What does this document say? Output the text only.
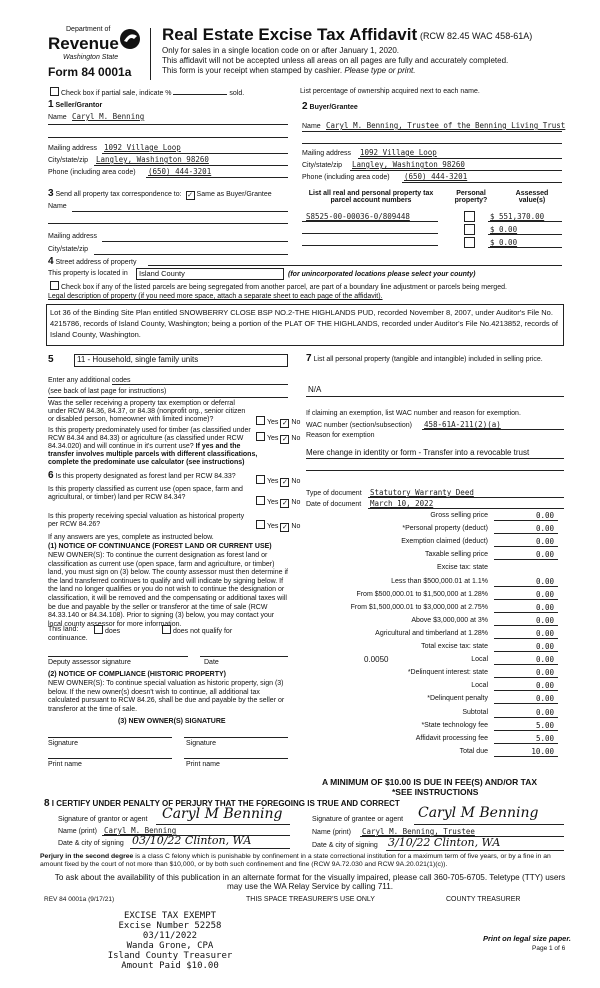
Department of
Revenue
Washington State
Form 84 0001a
Real Estate Excise Tax Affidavit (RCW 82.45 WAC 458-61A)
Only for sales in a single location code on or after January 1, 2020.
This affidavit will not be accepted unless all areas on all pages are fully and accurately completed.
This form is your receipt when stamped by cashier. Please type or print.
Check box if partial sale, indicate %	sold.	List percentage of ownership acquired next to each name.
1 Seller/Grantor
Name Caryl M. Benning
Mailing address 1092 Village Loop
City/state/zip Langley, Washington 98260
Phone (including area code) (650) 444-3201
2 Buyer/Grantee
Name Caryl M. Benning, Trustee of the Benning Living Trust
Mailing address 1092 Village Loop
City/state/zip Langley, Washington 98260
Phone (including area code) (650) 444-3201
3 Send all property tax correspondence to: ✓ Same as Buyer/Grantee
Name
Mailing address
City/state/zip
List all real and personal property tax
parcel account numbers
Personal
property?
Assessed
value(s)
S8525-00-00036-0/809448	$ 551,370.00
$ 0.00
$ 0.00
4 Street address of property
This property is located in	Island County	(for unincorporated locations please select your county)
Check box if any of the listed parcels are being segregated from another parcel, are part of a boundary line adjustment or parcels being merged.
Legal description of property (if you need more space, attach a separate sheet to each page of the affidavit).
Lot 36 of the Binding Site Plan entitled SNOWBERRY CLOSE BSP NO.2-THE HIGHLANDS PUD, recorded November 8, 2007, under Auditor's File No. 4215786, records of Island County, Washington; being a portion of the PLAT OF THE HIGHLANDS, recorded under Auditor's File No.4213852, records of Island County, Washington.
5	11 - Household, single family units
Enter any additional codes
(see back of last page for instructions)
Was the seller receiving a property tax exemption or deferral under RCW 84.36, 84.37, or 84.38 (nonprofit org., senior citizen or disabled person, homeowner with limited income)?	Yes ✓ No
Is this property predominately used for timber (as classified under RCW 84.34 and 84.33) or agriculture (as classified under RCW 84.34.020) and will continue in it's current use? If yes and the transfer involves multiple parcels with different classifications, complete the predominate use calculator (see instructions)
Yes ✓ No
6 Is this property designated as forest land per RCW 84.33?
Yes ✓ No
Is this property classified as current use (open space, farm and agricultural, or timber) land per RCW 84.34?
Yes ✓ No
Is this property receiving special valuation as historical property per RCW 84.26?	Yes ✓ No
If any answers are yes, complete as instructed below.
(1) NOTICE OF CONTINUANCE (FOREST LAND OR CURRENT USE)
NEW OWNER(S): To continue the current designation as forest land or classification as current use (open space, farm and agriculture, or timber) land, you must sign on (3) below. The county assessor must then determine if the land transferred continues to qualify and will indicate by signing below. If the land no longer qualifies or you do not wish to continue the designation or classification, it will be removed and the compensating or additional taxes will be due and payable by the seller or transferor at the time of sale (RCW 84.33.140 or 84.34.108). Prior to signing (3) below, you may contact your local county assessor for more information.
This land:	does	does not qualify for
continuance.
Deputy assessor signature	Date
(2) NOTICE OF COMPLIANCE (HISTORIC PROPERTY)
NEW OWNER(S): To continue special valuation as historic property, sign (3) below. If the new owner(s) doesn't wish to continue, all additional tax calculated pursuant to RCW 84.26, shall be due and payable by the seller or transferor at the time of sale.
(3) NEW OWNER(S) SIGNATURE
Signature	Signature
Print name	Print name
7 List all personal property (tangible and intangible) included in selling price.
N/A
If claiming an exemption, list WAC number and reason for exemption.
WAC number (section/subsection) 458-61A-211(2)(a)
Reason for exemption
Mere change in identity or form - Transfer into a revocable trust
Type of document Statutory Warranty Deed
Date of document March 10, 2022
Gross selling price	0.00
*Personal property (deduct)	0.00
Exemption claimed (deduct)	0.00
Taxable selling price	0.00
Excise tax: state
Less than $500,000.01 at 1.1%	0.00
From $500,000.01 to $1,500,000 at 1.28%	0.00
From $1,500,000.01 to $3,000,000 at 2.75%	0.00
Above $3,000,000 at 3%	0.00
Agricultural and timberland at 1.28%	0.00
Total excise tax: state	0.00
Local
0.0050	0.00
*Delinquent interest: state	0.00
Local	0.00
*Delinquent penalty	0.00
Subtotal	0.00
*State technology fee	5.00
Affidavit processing fee	5.00
Total due	10.00
A MINIMUM OF $10.00 IS DUE IN FEE(S) AND/OR TAX
*SEE INSTRUCTIONS
8 I CERTIFY UNDER PENALTY OF PERJURY THAT THE FOREGOING IS TRUE AND CORRECT
Signature of grantor or agent Caryl M Benning
Name (print) Caryl M. Benning
Date & city of signing 03/10/22 Clinton, WA
Signature of grantee or agent Caryl M Benning
Name (print) Caryl M. Benning, Trustee
Date & city of signing 3/10/22 Clinton, WA
Perjury in the second degree is a class C felony which is punishable by confinement in a state correctional institution for a maximum term of five years, or by a fine in an amount fixed by the court of not more than $10,000, or by both such confinement and fine (RCW 9A.72.030 and RCW 9A.20.021(1)(c)).
To ask about the availability of this publication in an alternate format for the visually impaired, please call 360-705-6705. Teletype (TTY) users may use the WA Relay Service by calling 711.
REV 84 0001a (9/17/21)	THIS SPACE TREASURER'S USE ONLY	COUNTY TREASURER
EXCISE TAX EXEMPT
Excise Number 52258
03/11/2022
Wanda Grone, CPA
Island County Treasurer
Amount Paid $10.00
Print on legal size paper.
Page 1 of 6
